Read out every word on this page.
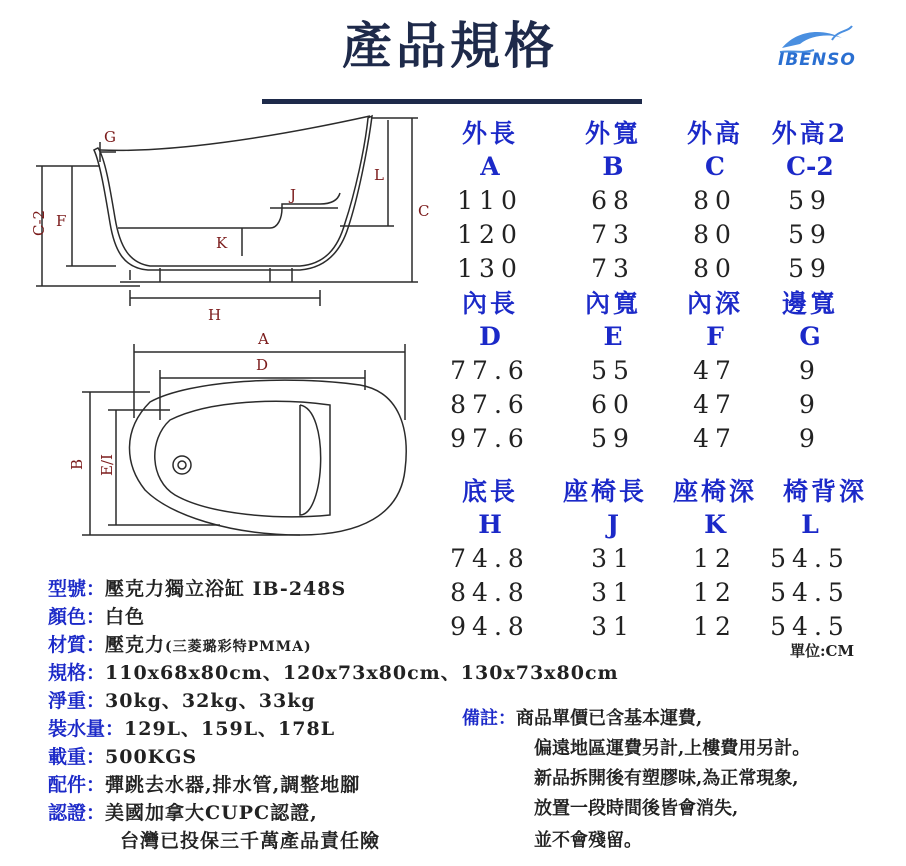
產品規格	IBENSO
G
J
K
L
C-2 F
C
H
A
D
B E/I
外長	外寬	外高	外高2
A	B	C	C-2
110	68	80	59
120	73	80	59
130	73	80	59
內長	內寬	內深	邊寬
D	E	F	G
77.6	55	47	9
87.6	60	47	9
97.6	59	47	9
底長	座椅長	座椅深	椅背深
H	J	K	L
74.8	31	12	54.5
84.8	31	12	54.5
94.8	31	12	54.5
單位:CM
型號：壓克力獨立浴缸 IB-248S
顏色：白色
材質：壓克力(三菱璐彩特PMMA)
規格：110x68x80cm、120x73x80cm、130x73x80cm
淨重：30kg、32kg、33kg
裝水量：129L、159L、178L
載重：500KGS
配件：彈跳去水器,排水管,調整地腳
認證：美國加拿大CUPC認證,
台灣已投保三千萬產品責任險
備註：商品單價已含基本運費,
偏遠地區運費另計,上樓費用另計。
新品拆開後有塑膠味,為正常現象,
放置一段時間後皆會消失,
並不會殘留。
